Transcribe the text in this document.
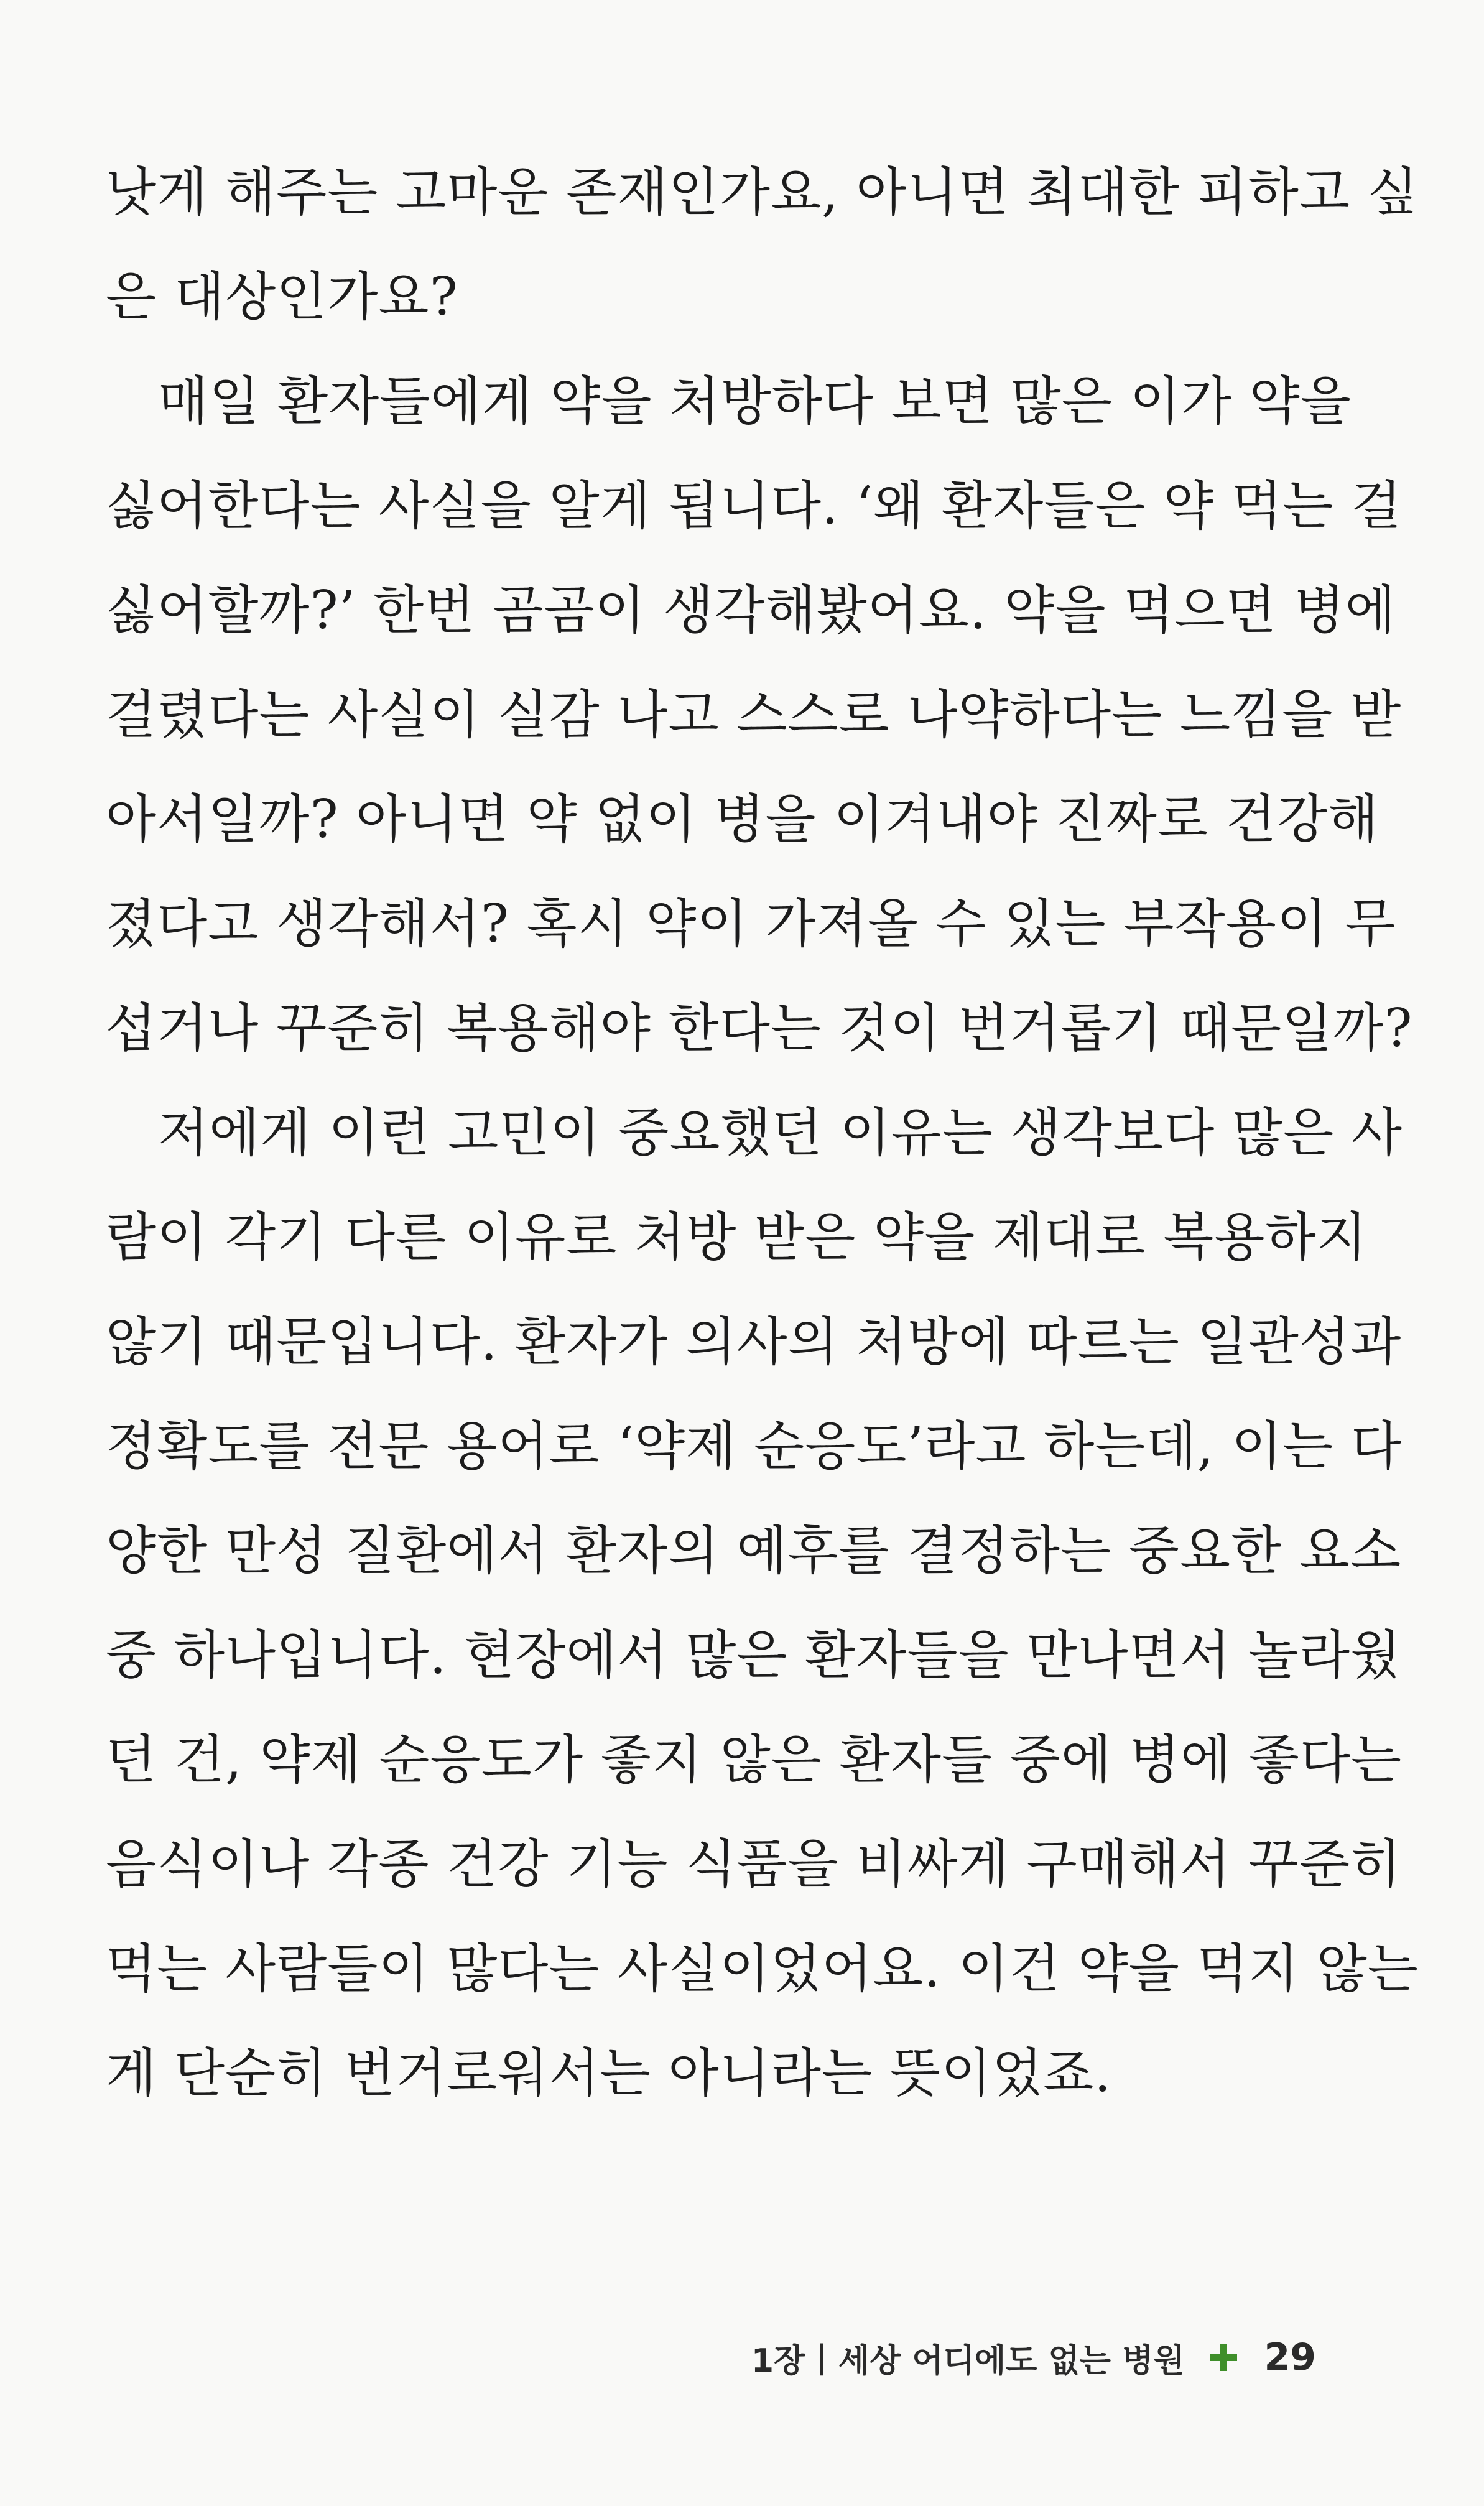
낫게 해주는 고마운 존재인가요, 아니면 최대한 피하고 싶
은 대상인가요?
매일 환자들에게 약을 처방하다 보면 많은 이가 약을
싫어한다는 사실을 알게 됩니다. ‘왜 환자들은 약 먹는 걸
싫어할까?’ 한번 곰곰이 생각해봤어요. 약을 먹으면 병에
걸렸다는 사실이 실감 나고 스스로 나약하다는 느낌을 받
아서일까? 아니면 약 없이 병을 이겨내야 진짜로 건강해
졌다고 생각해서? 혹시 약이 가져올 수 있는 부작용이 무
섭거나 꾸준히 복용해야 한다는 것이 번거롭기 때문일까?
저에게 이런 고민이 중요했던 이유는 생각보다 많은 사
람이 각기 다른 이유로 처방 받은 약을 제대로 복용하지
않기 때문입니다. 환자가 의사의 처방에 따르는 일관성과
정확도를 전문 용어로 ‘약제 순응도’라고 하는데, 이는 다
양한 만성 질환에서 환자의 예후를 결정하는 중요한 요소
중 하나입니다. 현장에서 많은 환자들을 만나면서 놀라웠
던 건, 약제 순응도가 좋지 않은 환자들 중에 병에 좋다는
음식이나 각종 건강 기능 식품을 비싸게 구매해서 꾸준히
먹는 사람들이 많다는 사실이었어요. 이건 약을 먹지 않는
게 단순히 번거로워서는 아니라는 뜻이었죠.
1장 | 세상 어디에도 없는 병원 29
